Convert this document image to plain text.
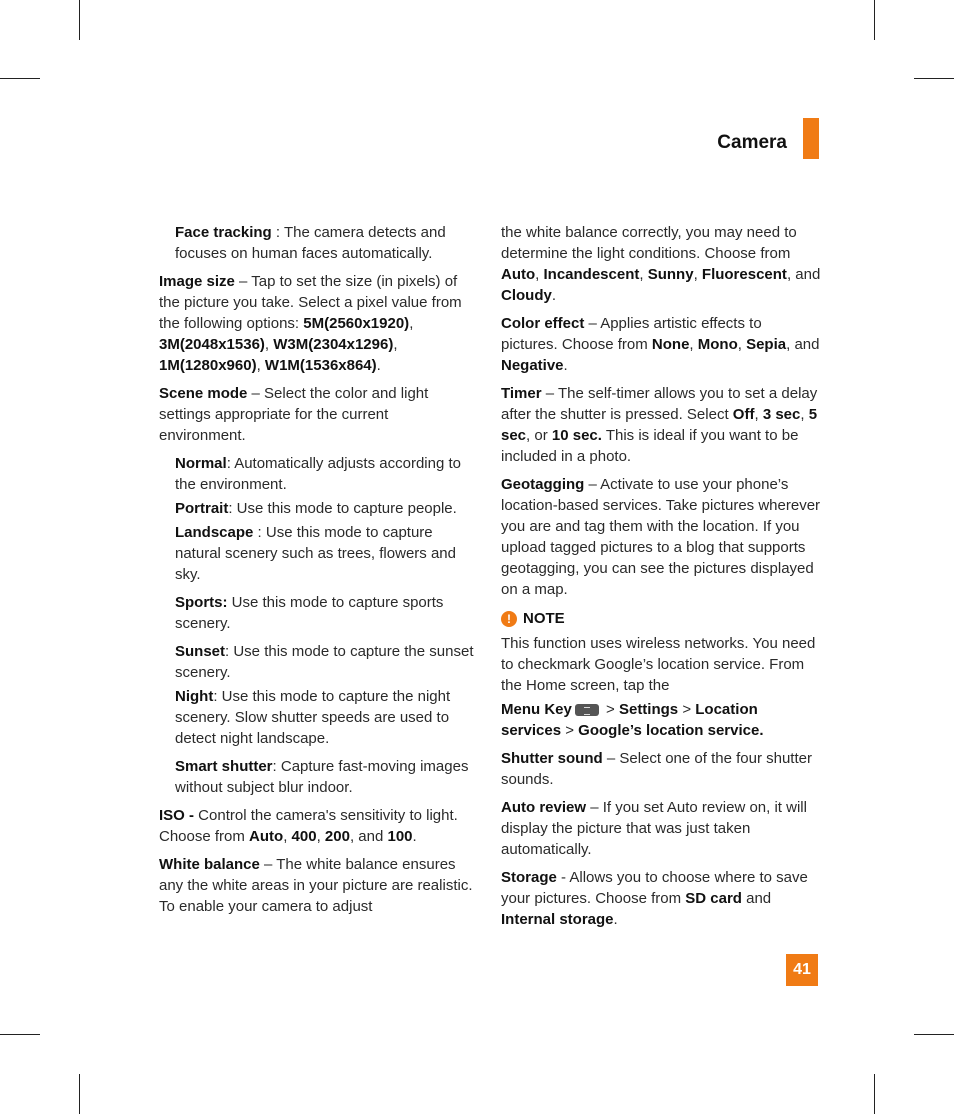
Camera

Face tracking : The camera detects and focuses on human faces automatically.

Image size – Tap to set the size (in pixels) of the picture you take. Select a pixel value from the following options: 5M(2560x1920), 3M(2048x1536), W3M(2304x1296), 1M(1280x960), W1M(1536x864).

Scene mode – Select the color and light settings appropriate for the current environment.

Normal: Automatically adjusts according to the environment.

Portrait: Use this mode to capture people.

Landscape : Use this mode to capture natural scenery such as trees, flowers and sky.

Sports: Use this mode to capture sports scenery.

Sunset: Use this mode to capture the sunset scenery.

Night: Use this mode to capture the night scenery. Slow shutter speeds are used to detect night landscape.

Smart shutter: Capture fast-moving images without subject blur indoor.

ISO - Control the camera's sensitivity to light. Choose from Auto, 400, 200, and 100.

White balance – The white balance ensures any the white areas in your picture are realistic. To enable your camera to adjust

the white balance correctly, you may need to determine the light conditions. Choose from Auto, Incandescent, Sunny, Fluorescent, and Cloudy.

Color effect – Applies artistic effects to pictures. Choose from None, Mono, Sepia, and Negative.

Timer – The self-timer allows you to set a delay after the shutter is pressed. Select Off, 3 sec, 5 sec, or 10 sec. This is ideal if you want to be included in a photo.

Geotagging – Activate to use your phone’s location-based services. Take pictures wherever you are and tag them with the location. If you upload tagged pictures to a blog that supports geotagging, you can see the pictures displayed on a map.

! NOTE

This function uses wireless networks. You need to checkmark Google’s location service. From the Home screen, tap the

Menu Key > Settings > Location services > Google’s location service.

Shutter sound – Select one of the four shutter sounds.

Auto review – If you set Auto review on, it will display the picture that was just taken automatically.

Storage - Allows you to choose where to save your pictures. Choose from SD card and Internal storage.

41
